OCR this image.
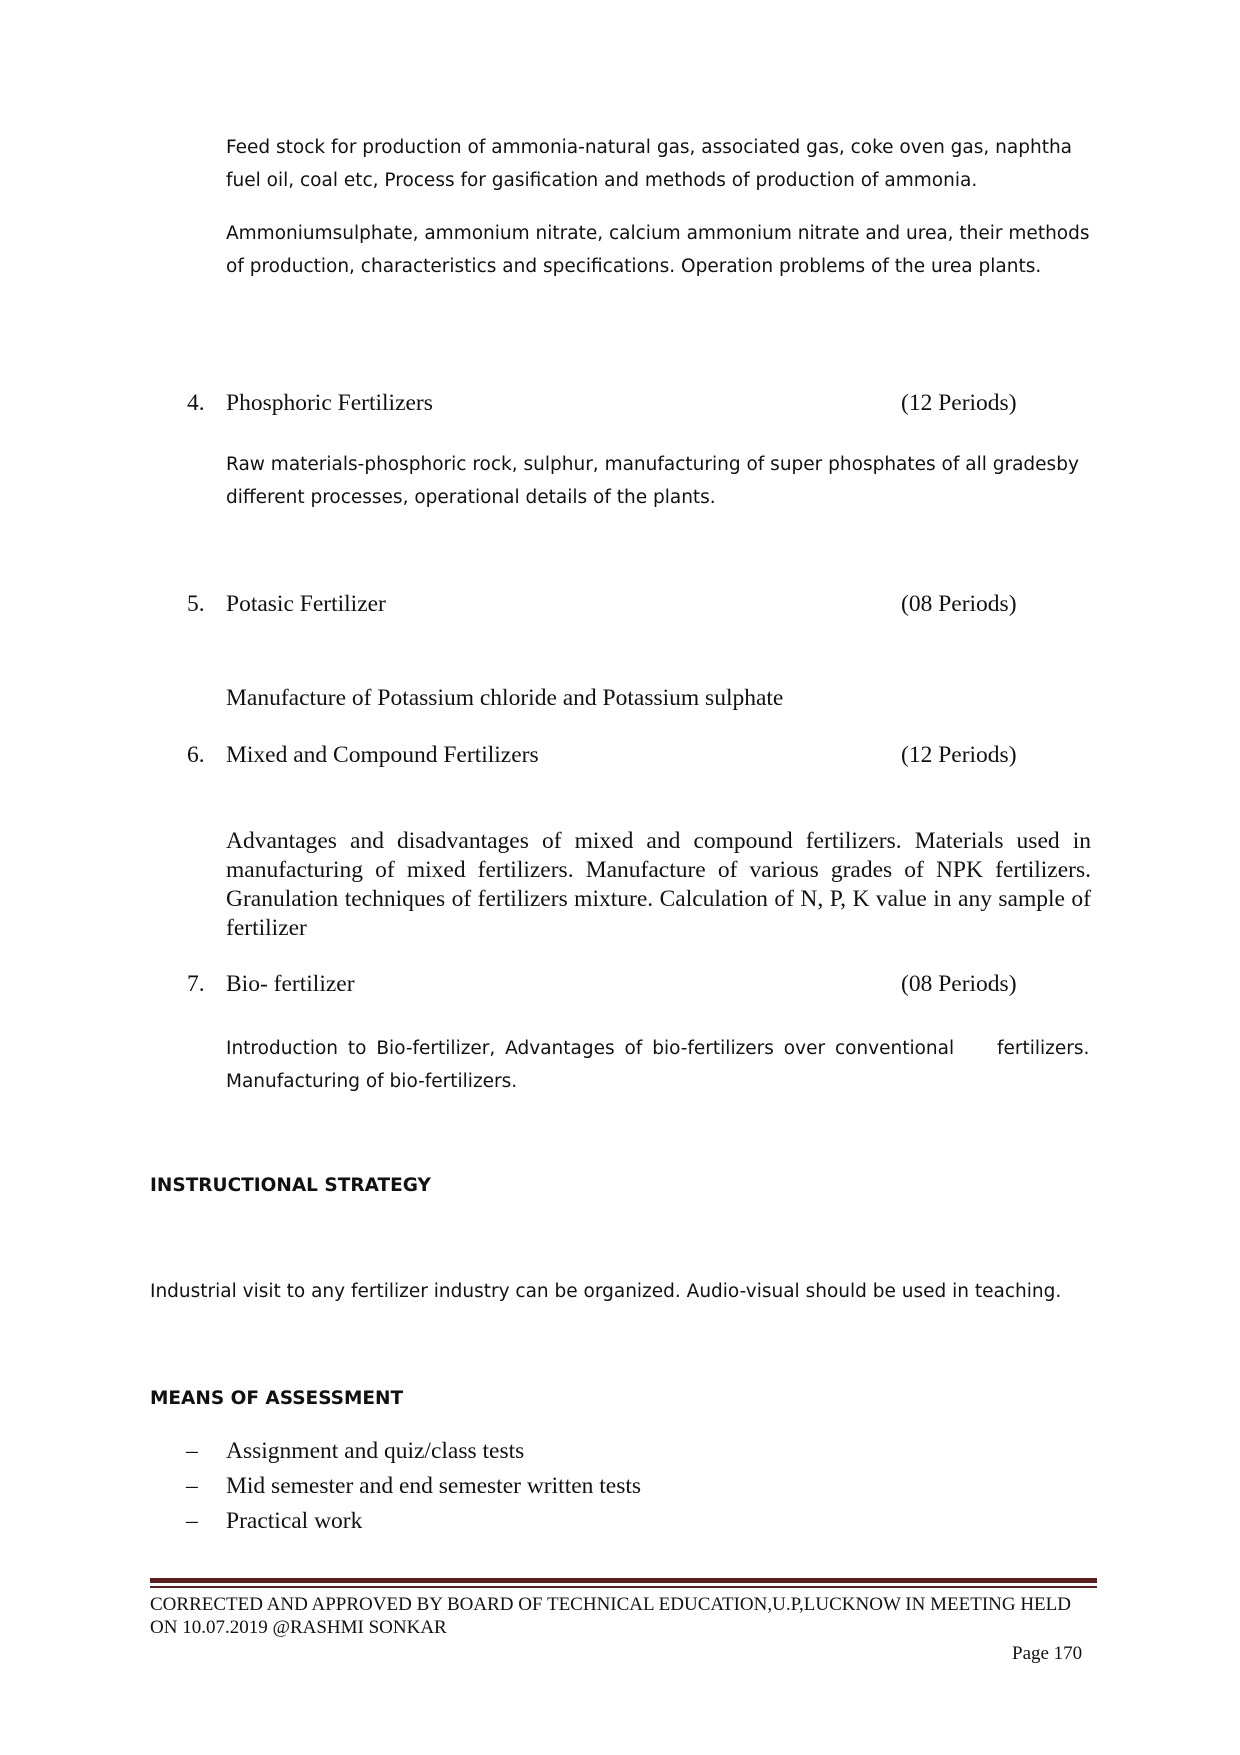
Feed stock for production of ammonia-natural gas, associated gas, coke oven gas, naphtha fuel oil, coal etc, Process for gasification and methods of production of ammonia.
Ammoniumsulphate, ammonium nitrate, calcium ammonium nitrate and urea, their methods of production, characteristics and specifications. Operation problems of the urea plants.
4. Phosphoric Fertilizers	(12 Periods)
Raw materials-phosphoric rock, sulphur, manufacturing of super phosphates of all gradesby different processes, operational details of the plants.
5. Potasic Fertilizer	(08 Periods)
Manufacture of Potassium chloride and Potassium sulphate
6. Mixed and Compound Fertilizers	(12 Periods)
Advantages and disadvantages of mixed and compound fertilizers. Materials used in manufacturing of mixed fertilizers. Manufacture of various grades of NPK fertilizers. Granulation techniques of fertilizers mixture. Calculation of N, P, K value in any sample of fertilizer
7. Bio- fertilizer	(08 Periods)
Introduction to Bio-fertilizer, Advantages of bio-fertilizers over conventional fertilizers.
Manufacturing of bio-fertilizers.
INSTRUCTIONAL STRATEGY
Industrial visit to any fertilizer industry can be organized. Audio-visual should be used in teaching.
MEANS OF ASSESSMENT
– Assignment and quiz/class tests
– Mid semester and end semester written tests
– Practical work
CORRECTED AND APPROVED BY BOARD OF TECHNICAL EDUCATION,U.P,LUCKNOW IN MEETING HELD
ON 10.07.2019 @RASHMI SONKAR
Page 170
